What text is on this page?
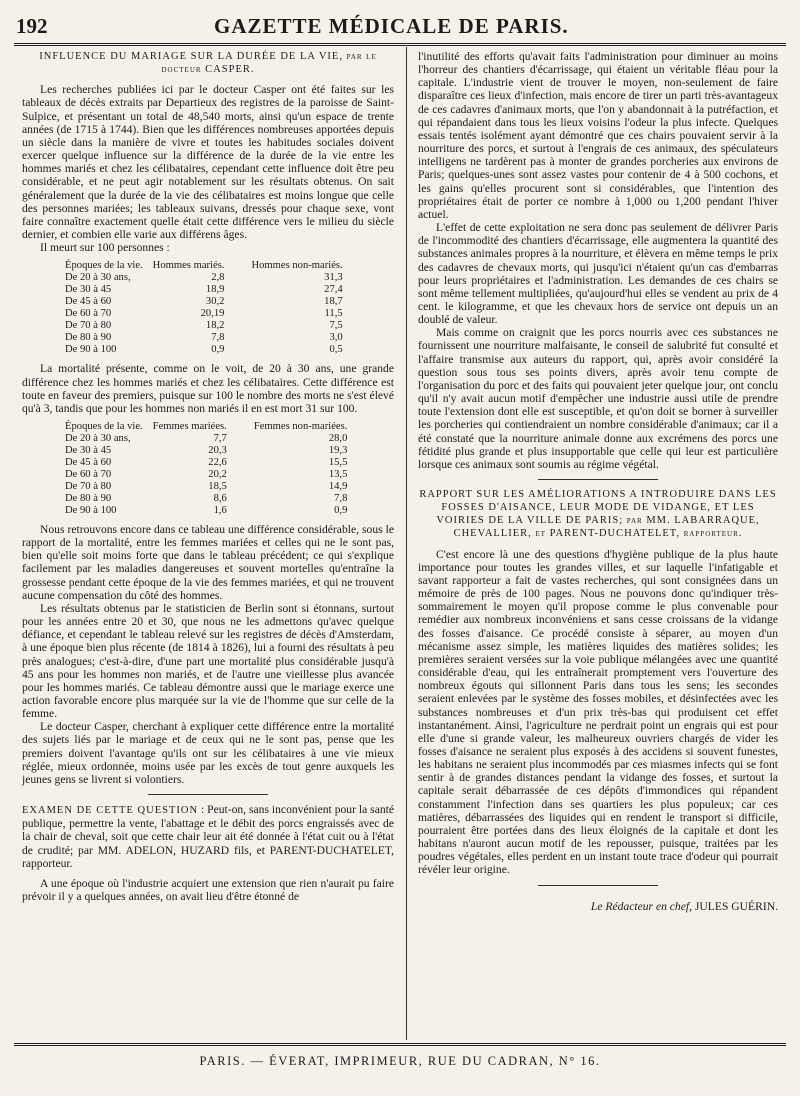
192	GAZETTE MÉDICALE DE PARIS.

INFLUENCE DU MARIAGE SUR LA DURÉE DE LA VIE, par le docteur CASPER.

Les recherches publiées ici par le docteur Casper ont été faites sur les tableaux de décès extraits par Departieux des registres de la paroisse de Saint-Sulpice, et présentant un total de 48,540 morts, ainsi qu'un espace de trente années (de 1715 à 1744). Bien que les différences nombreuses apportées depuis un siècle dans la manière de vivre et toutes les habitudes sociales doivent exercer quelque influence sur la différence de la durée de la vie entre les hommes mariés et chez les célibataires, cependant cette influence doit être peu considérable, et ne peut agir notablement sur les résultats obtenus. On sait généralement que la durée de la vie des célibataires est moins longue que celle des personnes mariées; les tableaux suivans, dressés pour chaque sexe, vont faire connaître exactement quelle était cette différence vers le milieu du siècle dernier, et combien elle varie aux différens âges.

Il meurt sur 100 personnes :

Époques de la vie.	Hommes mariés.	Hommes non-mariés.
De 20 à 30 ans,	2,8	31,3
De 30 à 45	18,9	27,4
De 45 à 60	30,2	18,7
De 60 à 70	20,19	11,5
De 70 à 80	18,2	7,5
De 80 à 90	7,8	3,0
De 90 à 100	0,9	0,5

La mortalité présente, comme on le voit, de 20 à 30 ans, une grande différence chez les hommes mariés et chez les célibataires. Cette différence est toute en faveur des premiers, puisque sur 100 le nombre des morts ne s'est élevé qu'à 3, tandis que pour les hommes non mariés il en est mort 31 sur 100.

Époques de la vie.	Femmes mariées.	Femmes non-mariées.
De 20 à 30 ans,	7,7	28,0
De 30 à 45	20,3	19,3
De 45 à 60	22,6	15,5
De 60 à 70	20,2	13,5
De 70 à 80	18,5	14,9
De 80 à 90	8,6	7,8
De 90 à 100	1,6	0,9

Nous retrouvons encore dans ce tableau une différence considérable, sous le rapport de la mortalité, entre les femmes mariées et celles qui ne le sont pas, bien qu'elle soit moins forte que dans le tableau précédent; ce qui s'explique facilement par les maladies dangereuses et souvent mortelles qu'entraîne la grossesse pendant cette époque de la vie des femmes mariées, et qui ne trouvent aucune compensation du côté des hommes.

Les résultats obtenus par le statisticien de Berlin sont si étonnans, surtout pour les années entre 20 et 30, que nous ne les admettons qu'avec quelque défiance, et cependant le tableau relevé sur les registres de décès d'Amsterdam, à une époque bien plus récente (de 1814 à 1826), lui a fourni des résultats à peu près analogues; c'est-à-dire, d'une part une mortalité plus considérable jusqu'à 45 ans pour les hommes non mariés, et de l'autre une vieillesse plus avancée pour les hommes mariés. Ce tableau démontre aussi que le mariage exerce une action favorable encore plus marquée sur la vie de l'homme que sur celle de la femme.

Le docteur Casper, cherchant à expliquer cette différence entre la mortalité des sujets liés par le mariage et de ceux qui ne le sont pas, pense que les premiers doivent l'avantage qu'ils ont sur les célibataires à une vie mieux réglée, mieux ordonnée, moins usée par les excès de tout genre auxquels les jeunes gens se livrent si volontiers.

EXAMEN DE CETTE QUESTION : Peut-on, sans inconvénient pour la santé publique, permettre la vente, l'abattage et le débit des porcs engraissés avec de la chair de cheval, soit que cette chair leur ait été donnée à l'état cuit ou à l'état de crudité; par MM. ADELON, HUZARD fils, et PARENT-DUCHATELET, rapporteur.

A une époque où l'industrie acquiert une extension que rien n'aurait pu faire prévoir il y a quelques années, on avait lieu d'être étonné de

l'inutilité des efforts qu'avait faits l'administration pour diminuer au moins l'horreur des chantiers d'écarrissage, qui étaient un véritable fléau pour la capitale. L'industrie vient de trouver le moyen, non-seulement de faire disparaître ces lieux d'infection, mais encore de tirer un parti très-avantageux de ces cadavres d'animaux morts, que l'on y abandonnait à la putréfaction, et qui répandaient dans tous les lieux voisins l'odeur la plus infecte. Quelques essais tentés isolément ayant démontré que ces chairs pouvaient servir à la nourriture des porcs, et surtout à l'engrais de ces animaux, des spéculateurs intelligens ne tardèrent pas à monter de grandes porcheries aux environs de Paris; quelques-unes sont assez vastes pour contenir de 4 à 500 cochons, et les gains qu'elles procurent sont si considérables, que l'intention des propriétaires était de porter ce nombre à 1,000 ou 1,200 pendant l'hiver actuel.

L'effet de cette exploitation ne sera donc pas seulement de délivrer Paris de l'incommodité des chantiers d'écarrissage, elle augmentera la quantité des substances animales propres à la nourriture, et élèvera en même temps le prix des cadavres de chevaux morts, qui jusqu'ici n'étaient qu'un cas d'embarras pour leurs propriétaires et l'administration. Les demandes de ces chairs se sont même tellement multipliées, qu'aujourd'hui elles se vendent au prix de 4 cent. le kilogramme, et que les chevaux hors de service ont depuis un an doublé de valeur.

Mais comme on craignit que les porcs nourris avec ces substances ne fournissent une nourriture malfaisante, le conseil de salubrité fut consulté et l'affaire transmise aux auteurs du rapport, qui, après avoir considéré la question sous tous ses points divers, après avoir tenu compte de l'organisation du porc et des faits qui pouvaient jeter quelque jour, ont conclu qu'il n'y avait aucun motif d'empêcher une industrie aussi utile de prendre toute l'extension dont elle est susceptible, et qu'on doit se borner à surveiller les porcheries qui contiendraient un nombre considérable d'animaux; car il a été constaté que la nourriture animale donne aux excrémens des porcs une fétidité plus grande et plus insupportable que celle qui leur est particulière lorsque ces animaux sont soumis au régime végétal.

RAPPORT SUR LES AMÉLIORATIONS A INTRODUIRE DANS LES FOSSES D'AISANCE, LEUR MODE DE VIDANGE, ET LES VOIRIES DE LA VILLE DE PARIS; par MM. LABARRAQUE, CHEVALLIER, et PARENT-DUCHATELET, rapporteur.

C'est encore là une des questions d'hygiène publique de la plus haute importance pour toutes les grandes villes, et sur laquelle l'infatigable et savant rapporteur a fait de vastes recherches, qui sont consignées dans un mémoire de près de 100 pages. Nous ne pouvons donc qu'indiquer très-sommairement le moyen qu'il propose comme le plus convenable pour remédier aux nombreux inconvéniens et sans cesse croissans de la vidange des fosses d'aisance. Ce procédé consiste à séparer, au moyen d'un mécanisme assez simple, les matières liquides des matières solides; les premières seraient versées sur la voie publique mélangées avec une quantité considérable d'eau, qui les entraînerait promptement vers l'ouverture des nombreux égouts qui sillonnent Paris dans tous les sens; les secondes seraient enlevées par le système des fosses mobiles, et désinfectées avec les substances nombreuses et d'un prix très-bas qui produisent cet effet instantanément. Ainsi, l'agriculture ne perdrait point un engrais qui est pour elle d'une si grande valeur, les malheureux ouvriers chargés de vider les fosses d'aisance ne seraient plus exposés à des accidens si souvent funestes, les habitans ne seraient plus incommodés par ces miasmes infects qui se font sentir à de grandes distances pendant la vidange des fosses, et surtout la capitale serait débarrassée de ces dépôts d'immondices qui répandent constamment l'infection dans ses quartiers les plus populeux; car ces matières, débarrassées des liquides qui en rendent le transport si difficile, pourraient être portées dans des lieux éloignés de la capitale et dont les habitans n'auront aucun motif de les repousser, puisque, traitées par les poudres végétales, elles perdent en un instant toute trace d'odeur qui pourrait révéler leur origine.

Le Rédacteur en chef, JULES GUÉRIN.

PARIS. — ÉVERAT, IMPRIMEUR, RUE DU CADRAN, N° 16.
